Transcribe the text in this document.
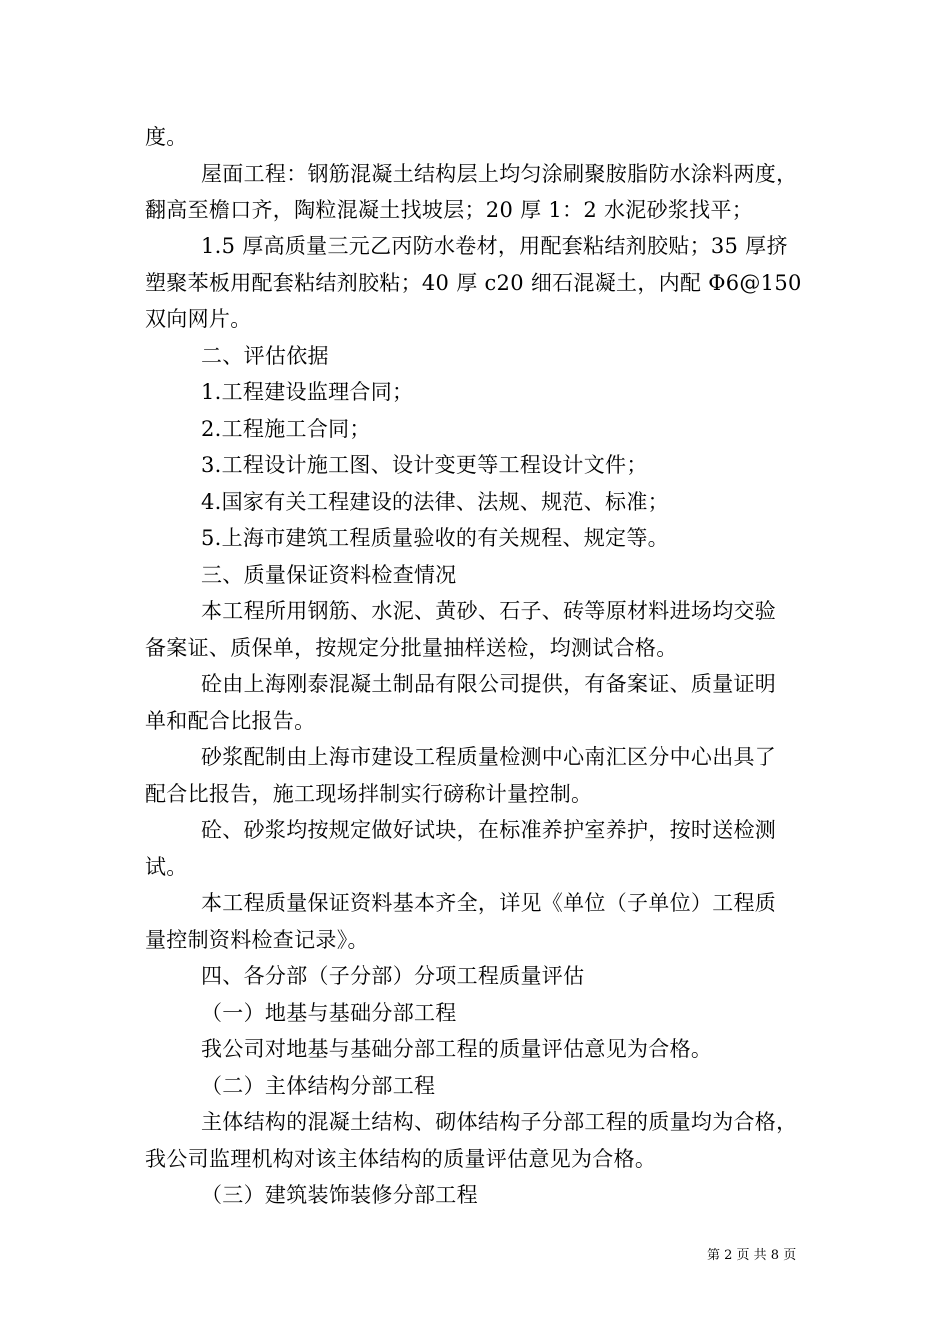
度。
屋面工程：钢筋混凝土结构层上均匀涂刷聚胺脂防水涂料两度，
翻高至檐口齐，陶粒混凝土找坡层；20 厚 1：2 水泥砂浆找平；
1.5 厚高质量三元乙丙防水卷材，用配套粘结剂胶贴；35 厚挤
塑聚苯板用配套粘结剂胶粘；40 厚 c20 细石混凝土，内配 Φ6@150
双向网片。
二、评估依据
1.工程建设监理合同；
2.工程施工合同；
3.工程设计施工图、设计变更等工程设计文件；
4.国家有关工程建设的法律、法规、规范、标准；
5.上海市建筑工程质量验收的有关规程、规定等。
三、质量保证资料检查情况
本工程所用钢筋、水泥、黄砂、石子、砖等原材料进场均交验
备案证、质保单，按规定分批量抽样送检，均测试合格。
砼由上海刚泰混凝土制品有限公司提供，有备案证、质量证明
单和配合比报告。
砂浆配制由上海市建设工程质量检测中心南汇区分中心出具了
配合比报告，施工现场拌制实行磅称计量控制。
砼、砂浆均按规定做好试块，在标准养护室养护，按时送检测
试。
本工程质量保证资料基本齐全，详见《单位（子单位）工程质
量控制资料检查记录》。
四、各分部（子分部）分项工程质量评估
（一）地基与基础分部工程
我公司对地基与基础分部工程的质量评估意见为合格。
（二）主体结构分部工程
主体结构的混凝土结构、砌体结构子分部工程的质量均为合格，
我公司监理机构对该主体结构的质量评估意见为合格。
（三）建筑装饰装修分部工程
第 2 页 共 8 页
